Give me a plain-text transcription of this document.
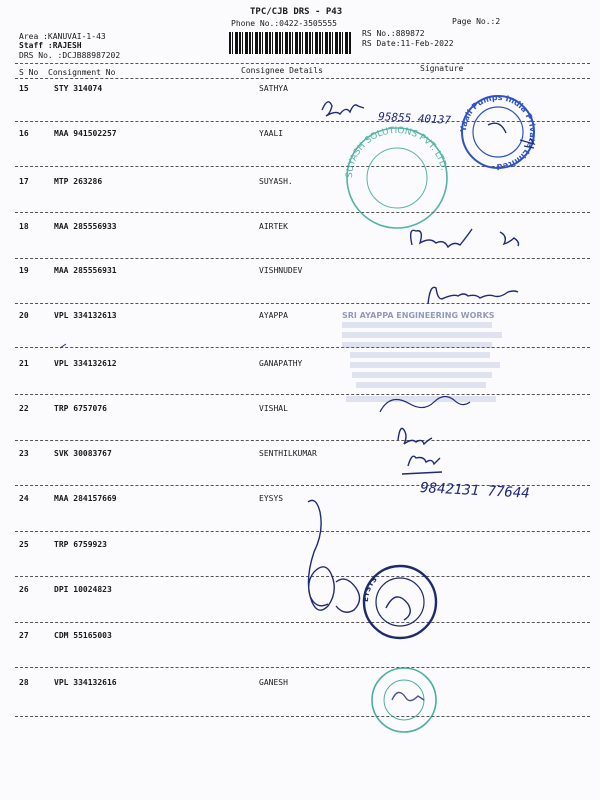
TPC/CJB DRS - P43
Phone No.:0422-3505555	Page No.:2
Area :KANUVAI-1-43
Staff :RAJESH
DRS No. :DCJB88987202
RS No.:889872
RS Date:11-Feb-2022
S No Consignment No	Consignee Details	Signature
15	STY 314074	SATHYA
16	MAA 941502257	YAALI
17	MTP 263286	SUYASH.
18	MAA 285556933	AIRTEK
19	MAA 285556931	VISHNUDEV
20	VPL 334132613	AYAPPA
21	VPL 334132612	GANAPATHY
22	TRP 6757076	VISHAL
23	SVK 30083767	SENTHILKUMAR
24	MAA 284157669	EYSYS
25	TRP 6759923
26	DPI 10024823
27	CDM 55165003
28	VPL 334132616	GANESH
95855 40137
Yaali Pumps India Private Limited
SUYASH SOLUTIONS PVT. LTD.
SRI AYAPPA ENGINEERING WORKS
9842131 77644
EYSYS
